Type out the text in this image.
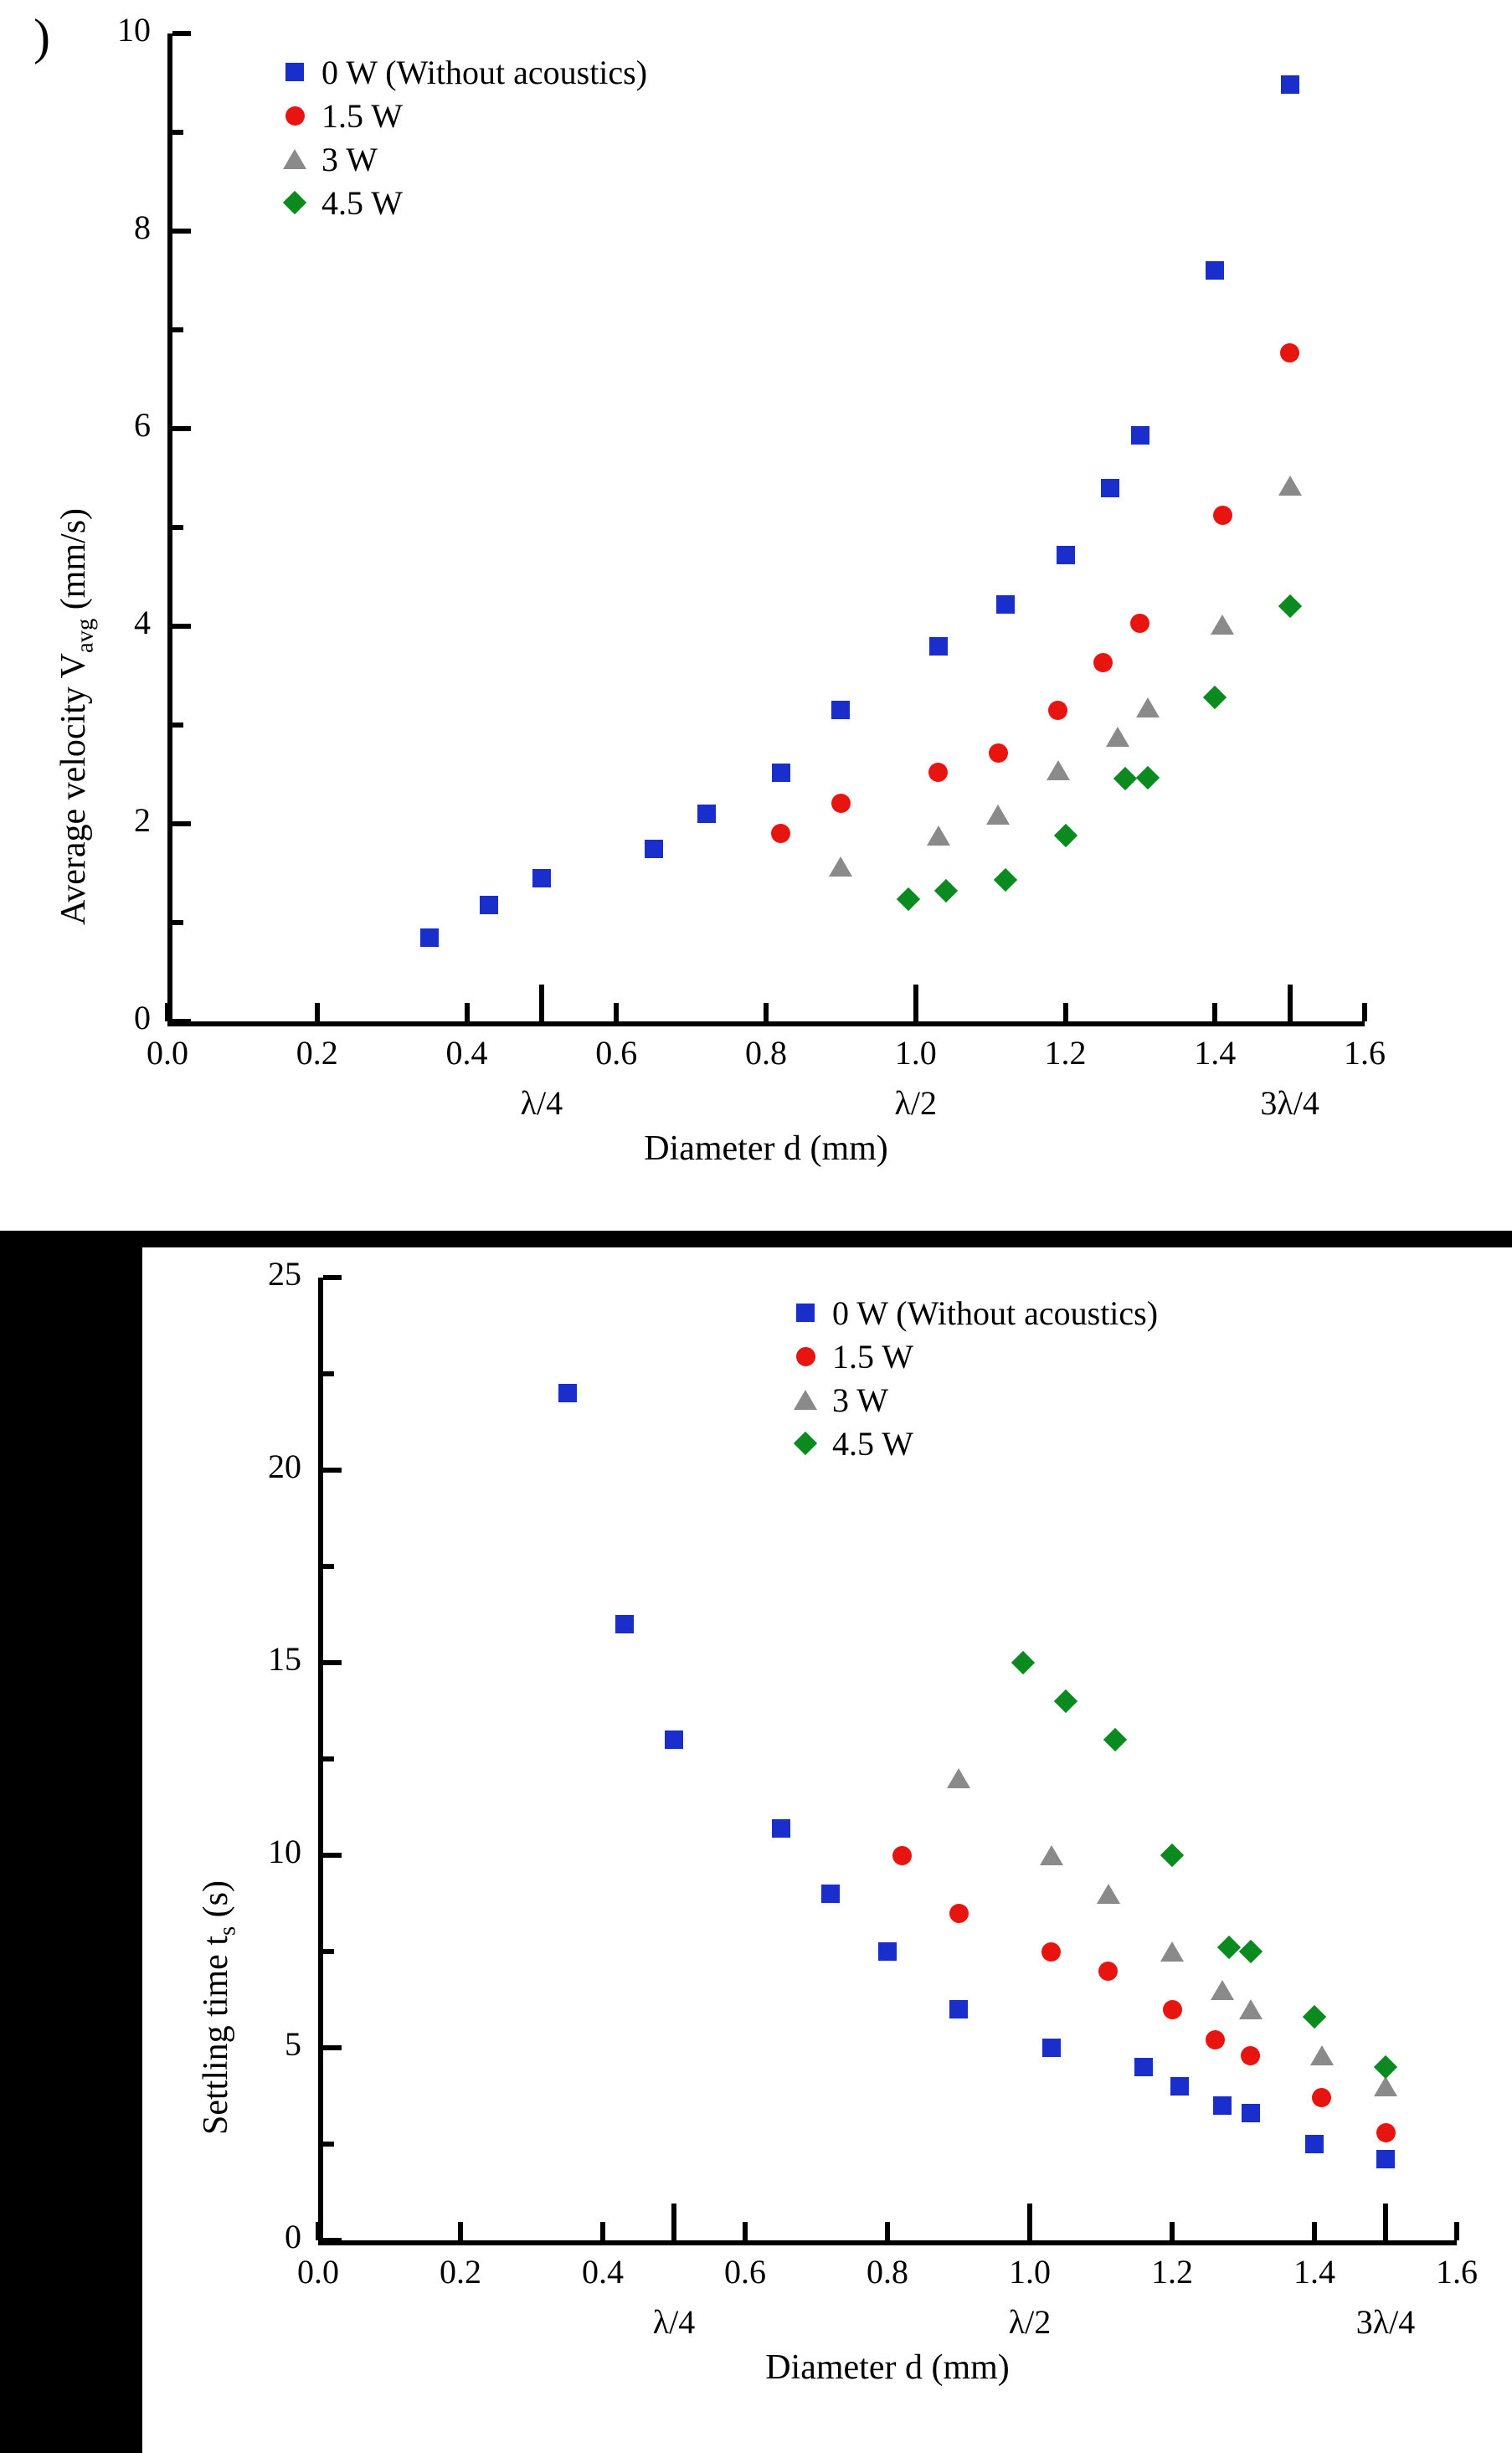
)
0.0	0.2	0.4	0.6	0.8	1.0	1.2	1.4	1.6
λ/4	λ/2	3λ/4
0
2
4
6
8
10
Diameter d (mm)
Average velocity $V_{avg}$ (mm/s)
0 W (Without acoustics)
1.5 W
3 W
4.5 W
0.0	0.2	0.4	0.6	0.8	1.0	1.2	1.4	1.6
λ/4	λ/2	3λ/4
0
5
10
15
20
25
Diameter d (mm)
Settling time $t_s$ (s)
0 W (Without acoustics)
1.5 W
3 W
4.5 W
